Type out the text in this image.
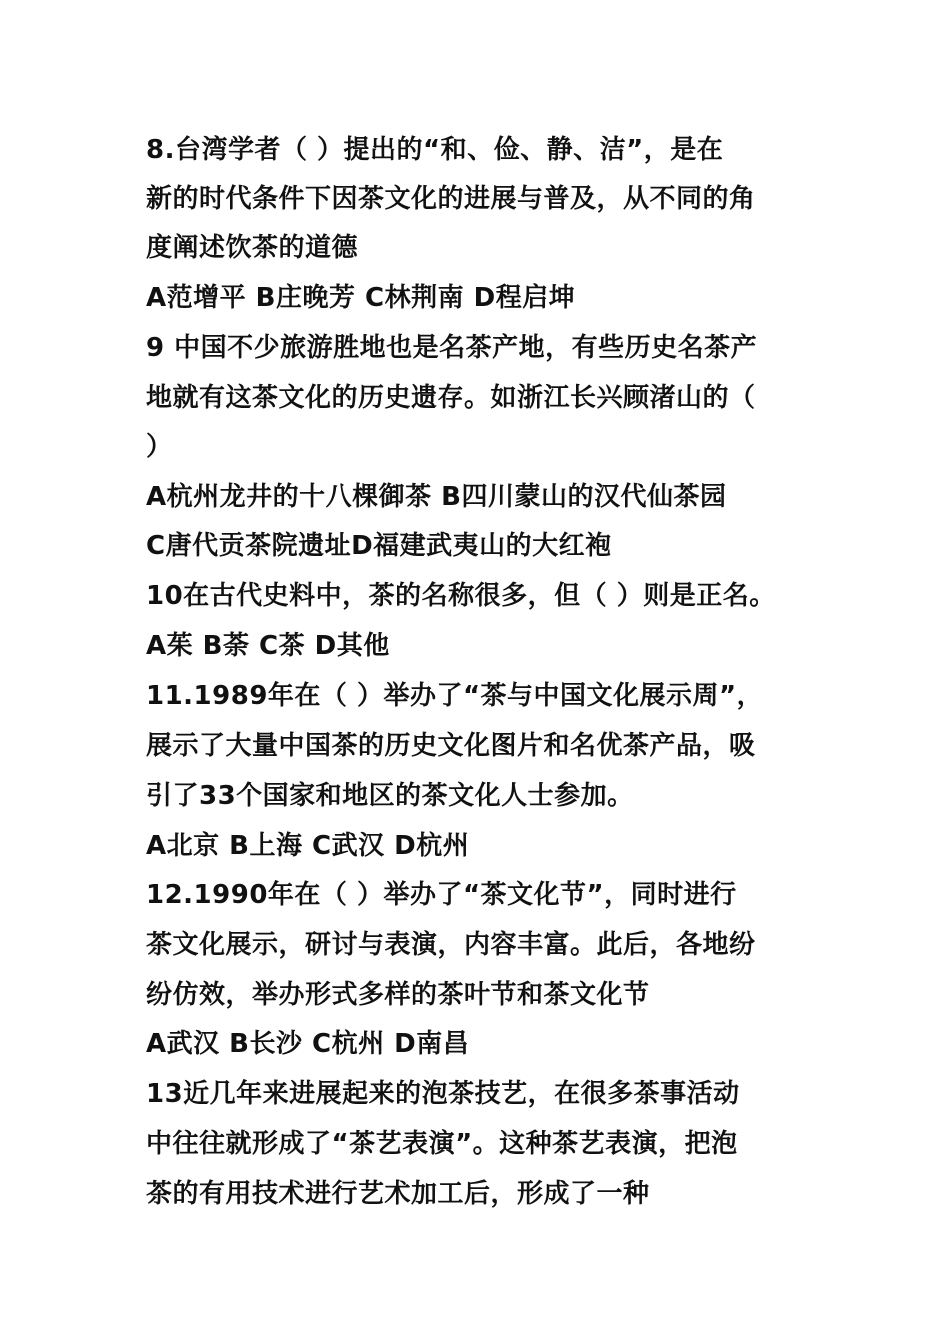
8.台湾学者（ ）提出的“和、俭、静、洁”，是在
新的时代条件下因茶文化的进展与普及，从不同的角
度阐述饮茶的道德
A范增平 B庄晚芳 C林荆南 D程启坤
9 中国不少旅游胜地也是名茶产地，有些历史名茶产
地就有这茶文化的历史遗存。如浙江长兴顾渚山的（
）
A杭州龙井的十八棵御茶 B四川蒙山的汉代仙茶园
C唐代贡茶院遗址D福建武夷山的大红袍
10在古代史料中，茶的名称很多，但（ ）则是正名。
A茱 B荼 C茶 D其他
11.1989年在（ ）举办了“茶与中国文化展示周”，
展示了大量中国茶的历史文化图片和名优茶产品，吸
引了33个国家和地区的茶文化人士参加。
A北京 B上海 C武汉 D杭州
12.1990年在（ ）举办了“茶文化节”，同时进行
茶文化展示，研讨与表演，内容丰富。此后，各地纷
纷仿效，举办形式多样的茶叶节和茶文化节
A武汉 B长沙 C杭州 D南昌
13近几年来进展起来的泡茶技艺，在很多茶事活动
中往往就形成了“茶艺表演”。这种茶艺表演，把泡
茶的有用技术进行艺术加工后，形成了一种
